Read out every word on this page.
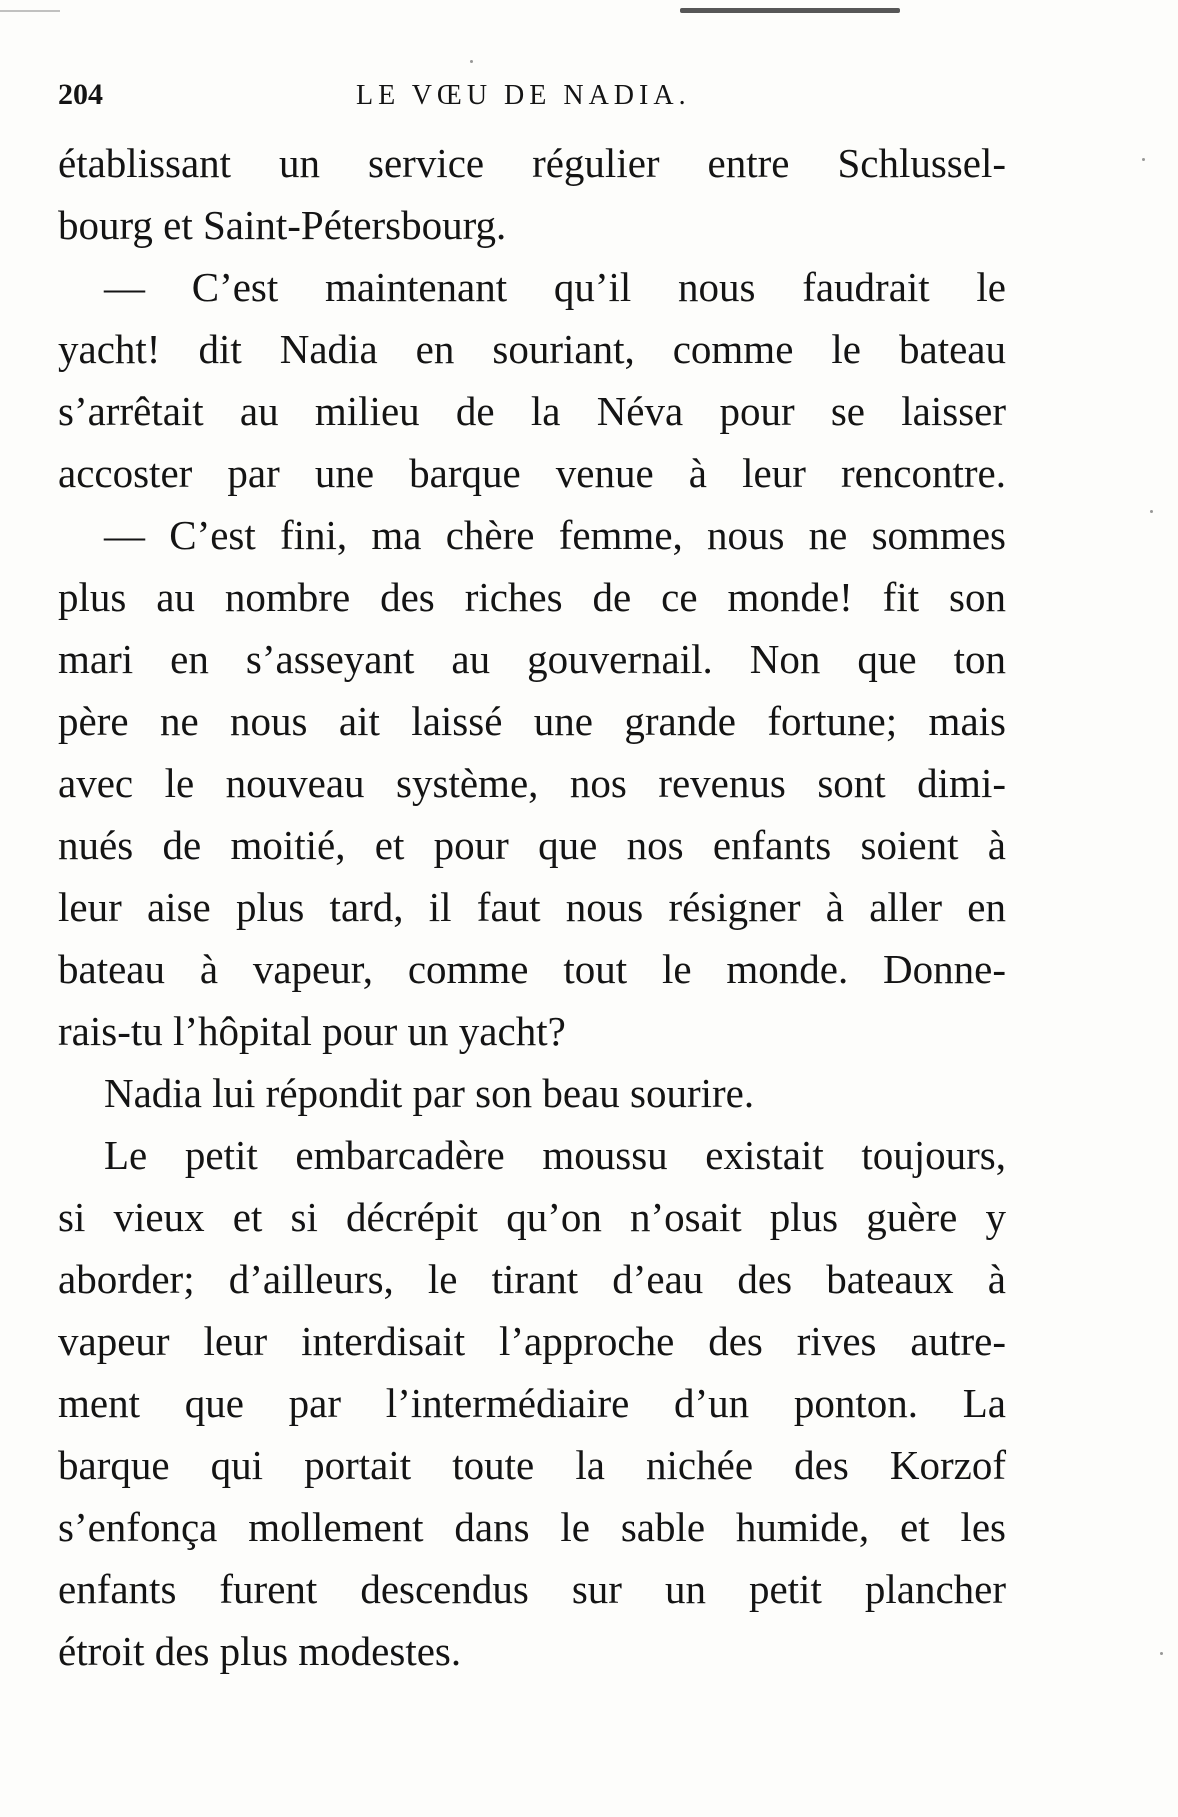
204	LE VŒU DE NADIA.
établissant un service régulier entre Schlussel-
bourg et Saint-Pétersbourg.
— C’est maintenant qu’il nous faudrait le
yacht! dit Nadia en souriant, comme le bateau
s’arrêtait au milieu de la Néva pour se laisser
accoster par une barque venue à leur rencontre.
— C’est fini, ma chère femme, nous ne sommes
plus au nombre des riches de ce monde! fit son
mari en s’asseyant au gouvernail. Non que ton
père ne nous ait laissé une grande fortune; mais
avec le nouveau système, nos revenus sont dimi-
nués de moitié, et pour que nos enfants soient à
leur aise plus tard, il faut nous résigner à aller en
bateau à vapeur, comme tout le monde. Donne-
rais-tu l’hôpital pour un yacht?
Nadia lui répondit par son beau sourire.
Le petit embarcadère moussu existait toujours,
si vieux et si décrépit qu’on n’osait plus guère y
aborder; d’ailleurs, le tirant d’eau des bateaux à
vapeur leur interdisait l’approche des rives autre-
ment que par l’intermédiaire d’un ponton. La
barque qui portait toute la nichée des Korzof
s’enfonça mollement dans le sable humide, et les
enfants furent descendus sur un petit plancher
étroit des plus modestes.
